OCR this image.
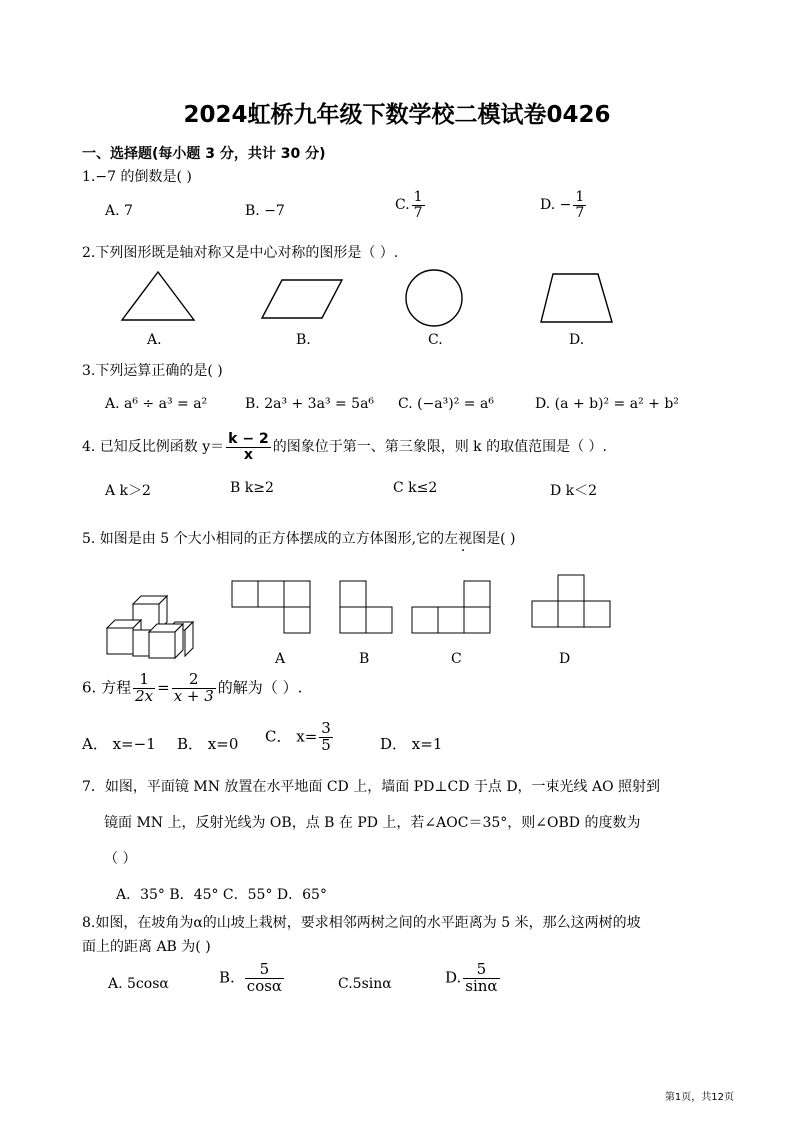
2024虹桥九年级下数学校二模试卷0426
一、选择题(每小题 3 分，共计 30 分)
1.−7 的倒数是( )
A. 7	B. −7	C. $\frac{1}{7}$	D. − $\frac{1}{7}$
2.下列图形既是轴对称又是中心对称的图形是（ ）.
A.	B.	C.	D.
3.下列运算正确的是( )
A. a⁶ ÷ a³ = a²	B. 2a³ + 3a³ = 5a⁶ C. (−a³)² = a⁶	D. (a + b)² = a² + b²
4. 已知反比例函数 $y= \frac{k - 2}{x}$ 的图象位于第一、第三象限，则 k 的取值范围是（ ）.
A k＞2	B k≥2	C k≤2	D k＜2
5. 如图是由 5 个大小相同的正方体摆成的立方体图形,它的左视图是( )
A	B	C	D
6. 方程 $\frac{1}{2x} = \frac{2}{x + 3}$ 的解为（ ）.
A． x=−1 B． x=0 C． $x= \frac{3}{5}$	D． x=1
7．如图，平面镜 MN 放置在水平地面 CD 上，墙面 PD⊥CD 于点 D，一束光线 AO 照射到
镜面 MN 上，反射光线为 OB，点 B 在 PD 上，若∠AOC＝35°，则∠OBD 的度数为
（ ）
A．35° B．45° C．55° D．65°
8.如图，在坡角为α的山坡上栽树，要求相邻两树之间的水平距离为 5 米，那么这两树的坡
面上的距离 AB 为( )
A. 5cosα	B. $\frac{5}{\cos\alpha}$	C.5sinα	D. $\frac{5}{\sin\alpha}$
第1页，共12页
